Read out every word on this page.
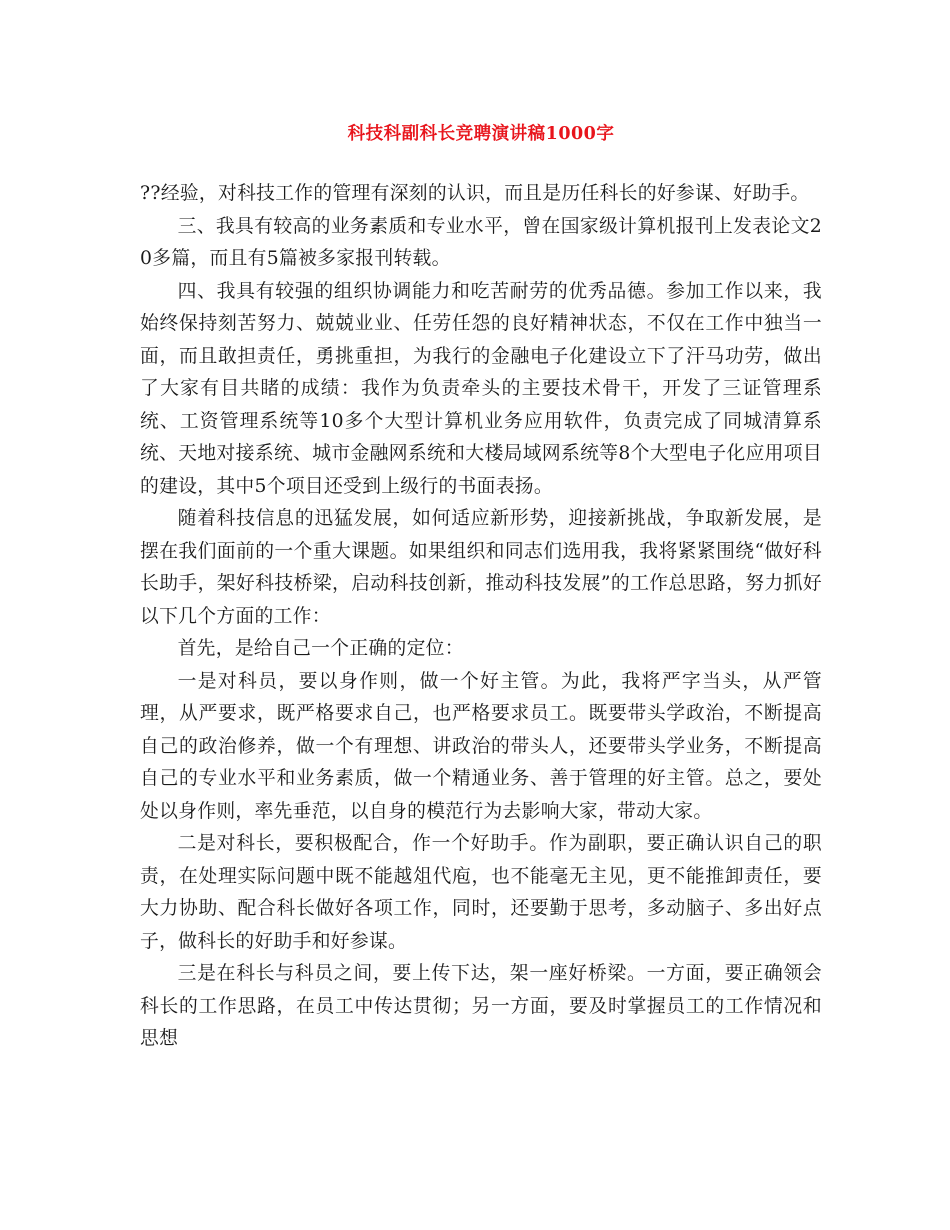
科技科副科长竞聘演讲稿1000字

??经验，对科技工作的管理有深刻的认识，而且是历任科长的好参谋、好助手。

三、我具有较高的业务素质和专业水平，曾在国家级计算机报刊上发表论文20多篇，而且有5篇被多家报刊转载。

四、我具有较强的组织协调能力和吃苦耐劳的优秀品德。参加工作以来，我始终保持刻苦努力、兢兢业业、任劳任怨的良好精神状态，不仅在工作中独当一面，而且敢担责任，勇挑重担，为我行的金融电子化建设立下了汗马功劳，做出了大家有目共睹的成绩：我作为负责牵头的主要技术骨干，开发了三证管理系统、工资管理系统等10多个大型计算机业务应用软件，负责完成了同城清算系统、天地对接系统、城市金融网系统和大楼局域网系统等8个大型电子化应用项目的建设，其中5个项目还受到上级行的书面表扬。

随着科技信息的迅猛发展，如何适应新形势，迎接新挑战，争取新发展，是摆在我们面前的一个重大课题。如果组织和同志们选用我，我将紧紧围绕“做好科长助手，架好科技桥梁，启动科技创新，推动科技发展”的工作总思路，努力抓好以下几个方面的工作：

首先，是给自己一个正确的定位：

一是对科员，要以身作则，做一个好主管。为此，我将严字当头，从严管理，从严要求，既严格要求自己，也严格要求员工。既要带头学政治，不断提高自己的政治修养，做一个有理想、讲政治的带头人，还要带头学业务，不断提高自己的专业水平和业务素质，做一个精通业务、善于管理的好主管。总之，要处处以身作则，率先垂范，以自身的模范行为去影响大家，带动大家。

二是对科长，要积极配合，作一个好助手。作为副职，要正确认识自己的职责，在处理实际问题中既不能越俎代庖，也不能毫无主见，更不能推卸责任，要大力协助、配合科长做好各项工作，同时，还要勤于思考，多动脑子、多出好点子，做科长的好助手和好参谋。

三是在科长与科员之间，要上传下达，架一座好桥梁。一方面，要正确领会科长的工作思路，在员工中传达贯彻；另一方面，要及时掌握员工的工作情况和思想
